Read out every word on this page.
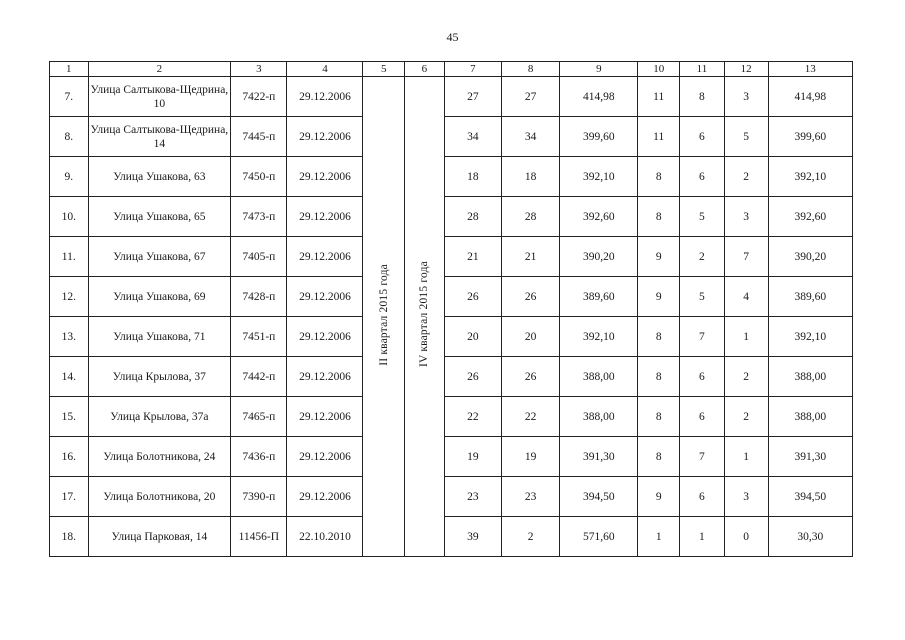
45
1	2	3	4	5	6	7	8	9	10	11	12	13
7.	Улица Салтыкова-Щедрина, 10	7422-п	29.12.2006	II квартал 2015 года	IV квартал 2015 года	27	27	414,98	11	8	3	414,98
8.	Улица Салтыкова-Щедрина, 14	7445-п	29.12.2006			34	34	399,60	11	6	5	399,60
9.	Улица Ушакова, 63	7450-п	29.12.2006			18	18	392,10	8	6	2	392,10
10.	Улица Ушакова, 65	7473-п	29.12.2006			28	28	392,60	8	5	3	392,60
11.	Улица Ушакова, 67	7405-п	29.12.2006			21	21	390,20	9	2	7	390,20
12.	Улица Ушакова, 69	7428-п	29.12.2006			26	26	389,60	9	5	4	389,60
13.	Улица Ушакова, 71	7451-п	29.12.2006			20	20	392,10	8	7	1	392,10
14.	Улица Крылова, 37	7442-п	29.12.2006			26	26	388,00	8	6	2	388,00
15.	Улица Крылова, 37а	7465-п	29.12.2006			22	22	388,00	8	6	2	388,00
16.	Улица Болотникова, 24	7436-п	29.12.2006			19	19	391,30	8	7	1	391,30
17.	Улица Болотникова, 20	7390-п	29.12.2006			23	23	394,50	9	6	3	394,50
18.	Улица Парковая, 14	11456-П	22.10.2010			39	2	571,60	1	1	0	30,30
